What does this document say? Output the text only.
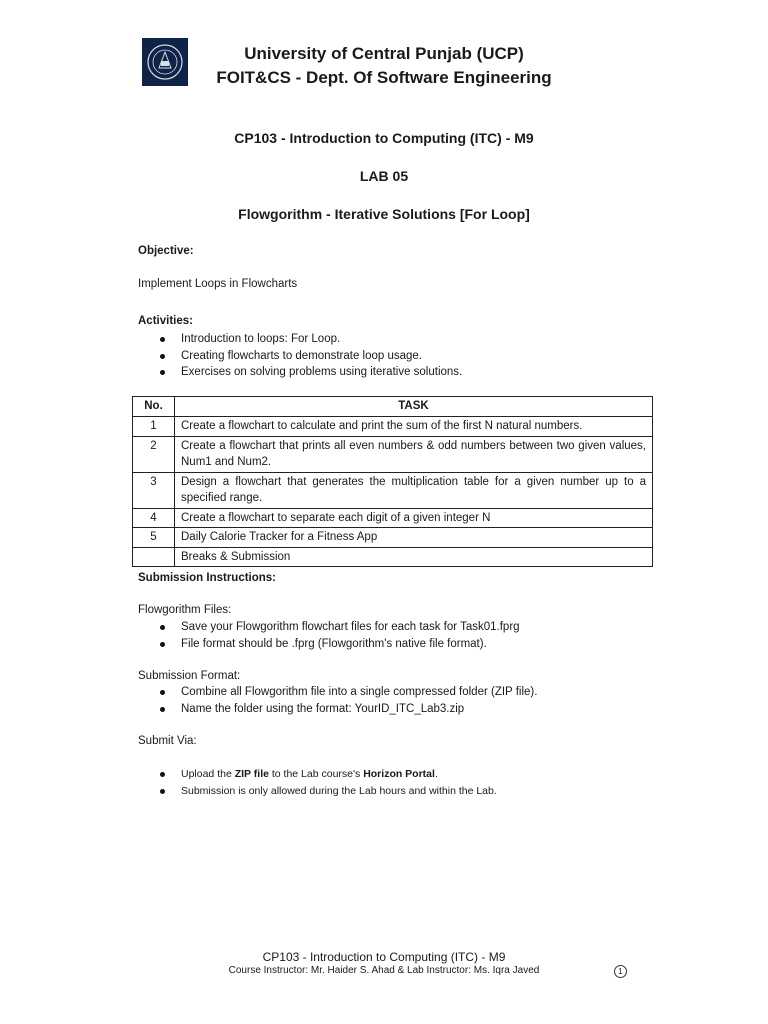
University of Central Punjab (UCP)
FOIT&CS - Dept. Of Software Engineering
CP103 - Introduction to Computing (ITC) - M9
LAB 05
Flowgorithm - Iterative Solutions [For Loop]
Objective:
Implement Loops in Flowcharts
Activities:
Introduction to loops: For Loop.
Creating flowcharts to demonstrate loop usage.
Exercises on solving problems using iterative solutions.
No.	TASK
1	Create a flowchart to calculate and print the sum of the first N natural numbers.
2	Create a flowchart that prints all even numbers & odd numbers between two given values, Num1 and Num2.
3	Design a flowchart that generates the multiplication table for a given number up to a specified range.
4	Create a flowchart to separate each digit of a given integer N
5	Daily Calorie Tracker for a Fitness App
	Breaks & Submission
Submission Instructions:
Flowgorithm Files:
Save your Flowgorithm flowchart files for each task for Task01.fprg
File format should be .fprg (Flowgorithm's native file format).
Submission Format:
Combine all Flowgorithm file into a single compressed folder (ZIP file).
Name the folder using the format: YourID_ITC_Lab3.zip
Submit Via:
Upload the ZIP file to the Lab course's Horizon Portal.
Submission is only allowed during the Lab hours and within the Lab.
CP103 - Introduction to Computing (ITC) - M9
Course Instructor: Mr. Haider S. Ahad & Lab Instructor: Ms. Iqra Javed	1
